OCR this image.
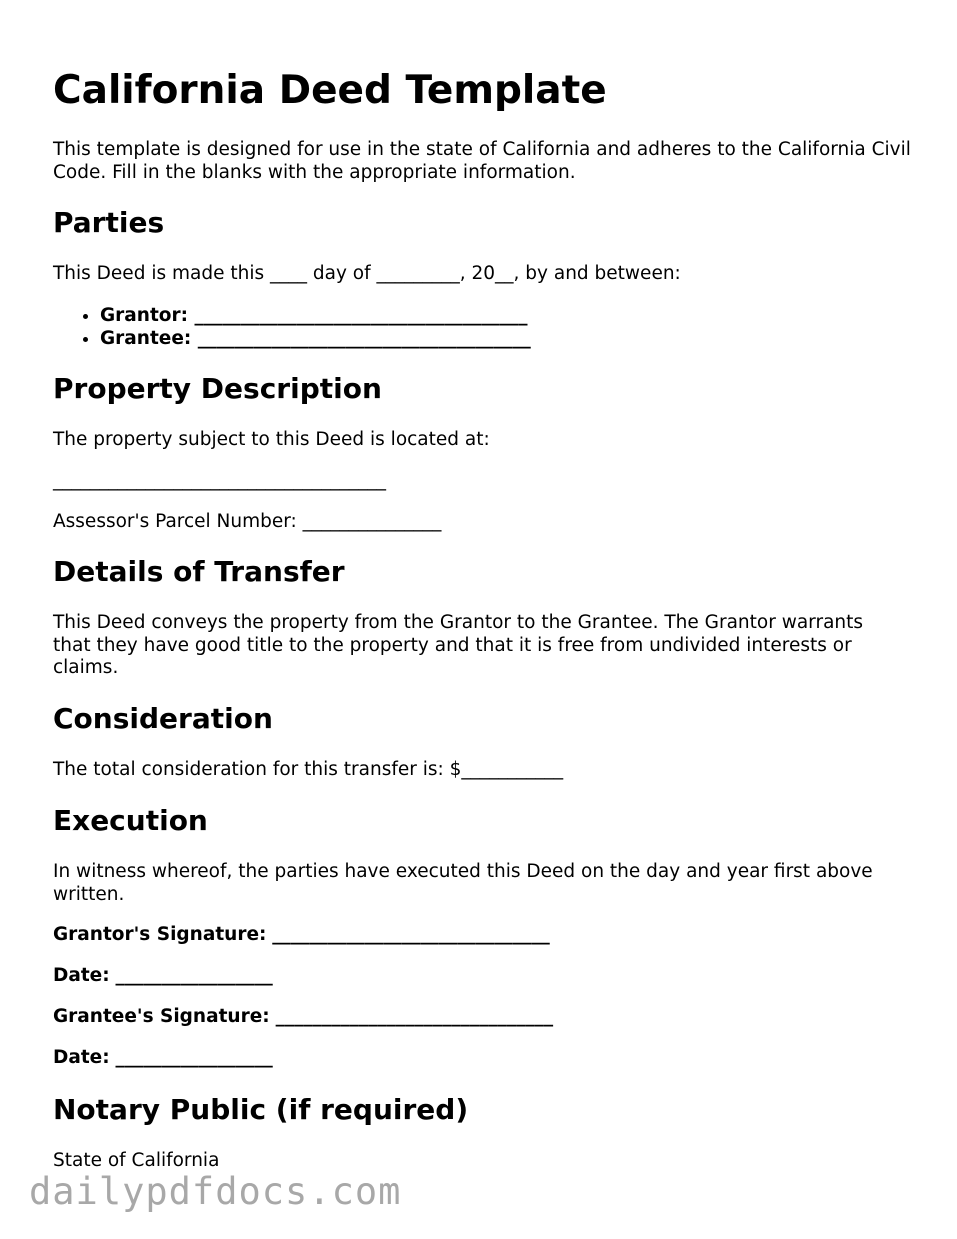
California Deed Template

This template is designed for use in the state of California and adheres to the California Civil Code. Fill in the blanks with the appropriate information.

Parties

This Deed is made this ____ day of _________, 20__, by and between:

• Grantor: ____________________________________
• Grantee: ____________________________________
Property Description

The property subject to this Deed is located at:

____________________________________

Assessor's Parcel Number: _______________

Details of Transfer

This Deed conveys the property from the Grantor to the Grantee. The Grantor warrants that they have good title to the property and that it is free from undivided interests or claims.

Consideration

The total consideration for this transfer is: $___________

Execution

In witness whereof, the parties have executed this Deed on the day and year first above written.

Grantor's Signature: ______________________________

Date: _________________

Grantee's Signature: ______________________________

Date: _________________

Notary Public (if required)

State of California

dailypdfdocs.com
